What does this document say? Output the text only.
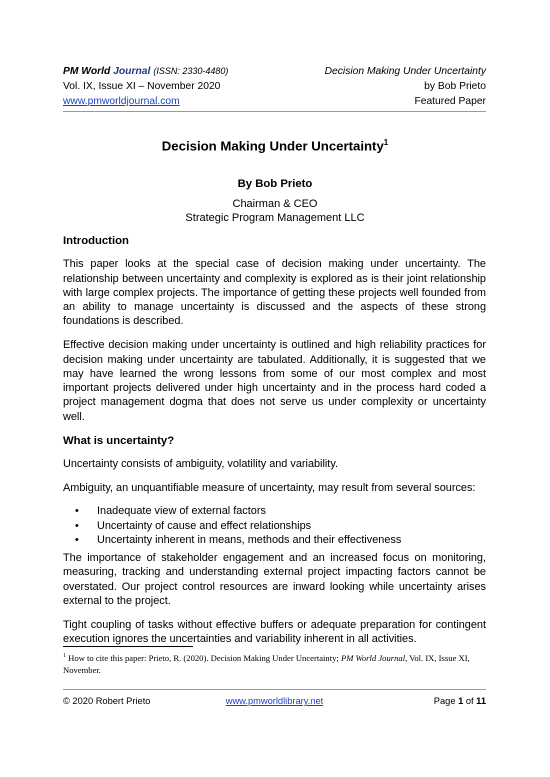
PM World Journal (ISSN: 2330-4480)	Decision Making Under Uncertainty
Vol. IX, Issue XI – November 2020	by Bob Prieto
www.pmworldjournal.com	Featured Paper
Decision Making Under Uncertainty$^1$
By Bob Prieto
Chairman & CEO
Strategic Program Management LLC
Introduction

This paper looks at the special case of decision making under uncertainty. The relationship between uncertainty and complexity is explored as is their joint relationship with large complex projects. The importance of getting these projects well founded from an ability to manage uncertainty is discussed and the aspects of these strong foundations is described.

Effective decision making under uncertainty is outlined and high reliability practices for decision making under uncertainty are tabulated. Additionally, it is suggested that we may have learned the wrong lessons from some of our most complex and most important projects delivered under high uncertainty and in the process hard coded a project management dogma that does not serve us under complexity or uncertainty well.

What is uncertainty?

Uncertainty consists of ambiguity, volatility and variability.

Ambiguity, an unquantifiable measure of uncertainty, may result from several sources:

• Inadequate view of external factors
• Uncertainty of cause and effect relationships
• Uncertainty inherent in means, methods and their effectiveness

The importance of stakeholder engagement and an increased focus on monitoring, measuring, tracking and understanding external project impacting factors cannot be overstated. Our project control resources are inward looking while uncertainty arises external to the project.

Tight coupling of tasks without effective buffers or adequate preparation for contingent execution ignores the uncertainties and variability inherent in all activities.

$^1$ How to cite this paper: Prieto, R. (2020). Decision Making Under Uncertainty; PM World Journal, Vol. IX, Issue XI, November.
© 2020 Robert Prieto	www.pmworldlibrary.net	Page 1 of 11
